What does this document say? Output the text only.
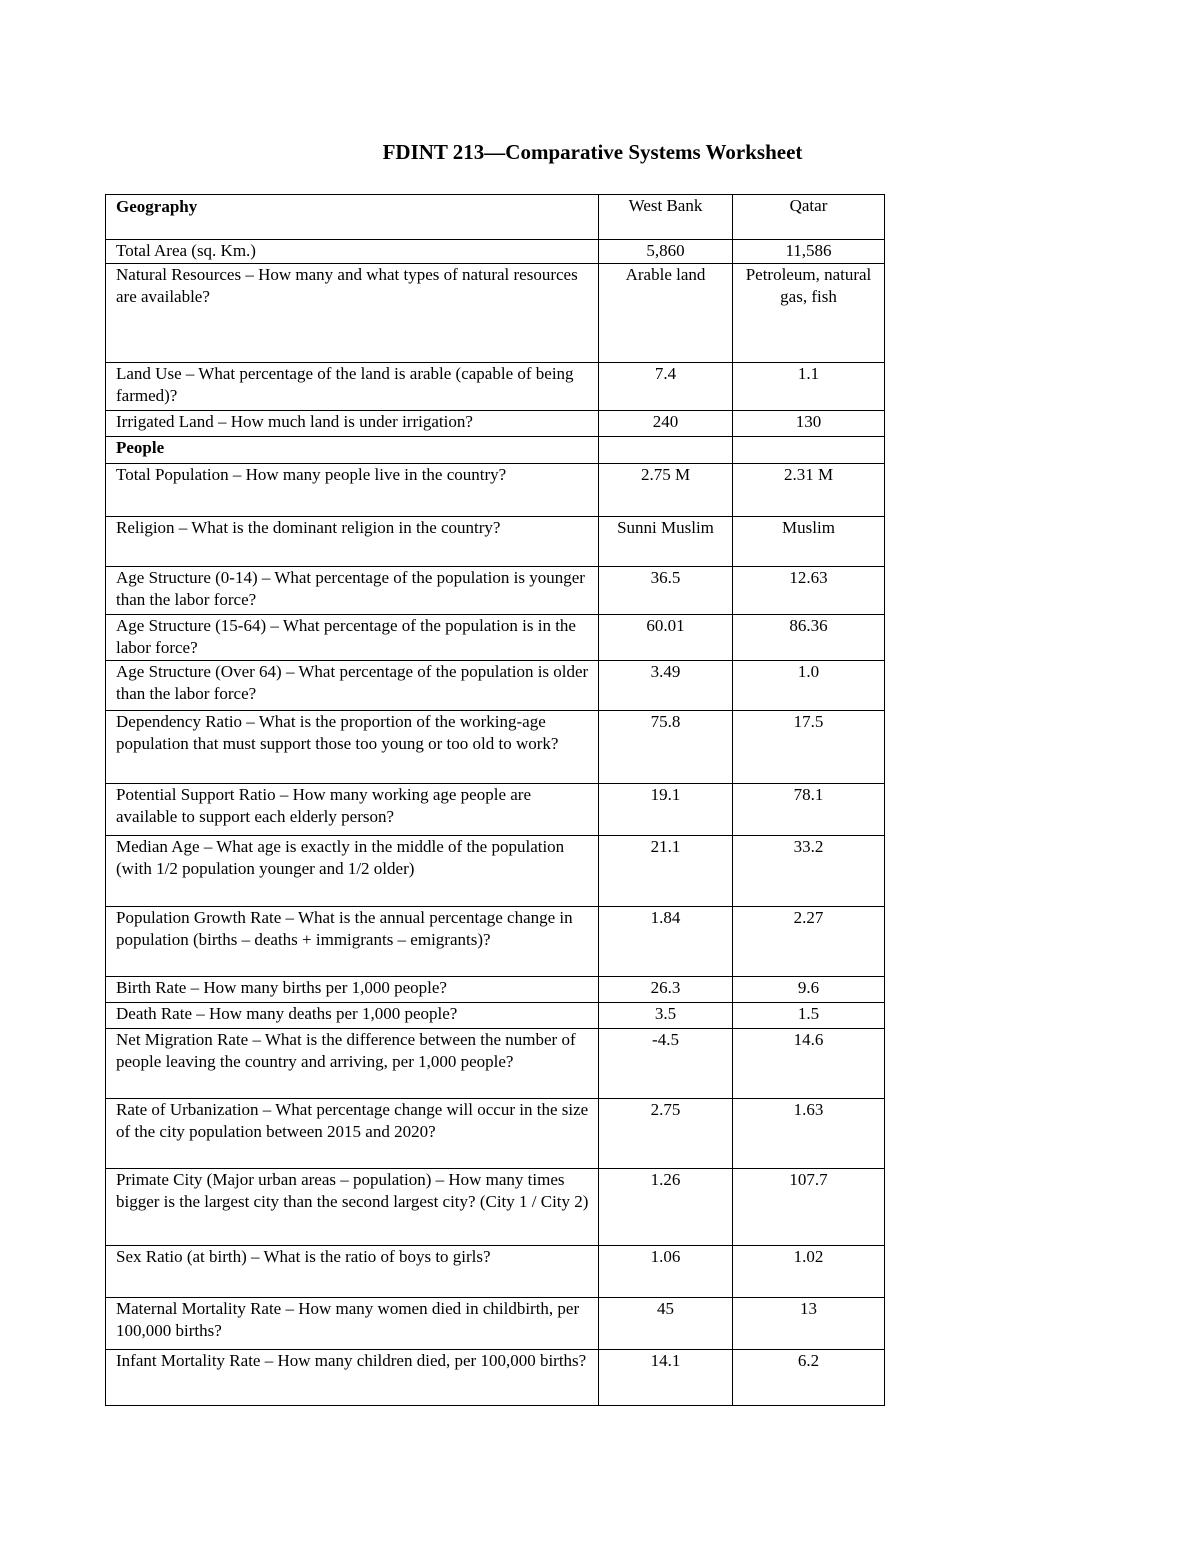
FDINT 213—Comparative Systems Worksheet
Geography	West Bank	Qatar
Total Area (sq. Km.)	5,860	11,586
Natural Resources – How many and what types of natural resources are available?	Arable land	Petroleum, natural gas, fish
Land Use – What percentage of the land is arable (capable of being farmed)?	7.4	1.1
Irrigated Land – How much land is under irrigation?	240	130
People		
Total Population – How many people live in the country?	2.75 M	2.31 M
Religion – What is the dominant religion in the country?	Sunni Muslim	Muslim
Age Structure (0-14) – What percentage of the population is younger than the labor force?	36.5	12.63
Age Structure (15-64) – What percentage of the population is in the labor force?	60.01	86.36
Age Structure (Over 64) – What percentage of the population is older than the labor force?	3.49	1.0
Dependency Ratio – What is the proportion of the working-age population that must support those too young or too old to work?	75.8	17.5
Potential Support Ratio – How many working age people are available to support each elderly person?	19.1	78.1
Median Age – What age is exactly in the middle of the population (with 1/2 population younger and 1/2 older)	21.1	33.2
Population Growth Rate – What is the annual percentage change in population (births – deaths + immigrants – emigrants)?	1.84	2.27
Birth Rate – How many births per 1,000 people?	26.3	9.6
Death Rate – How many deaths per 1,000 people?	3.5	1.5
Net Migration Rate – What is the difference between the number of people leaving the country and arriving, per 1,000 people?	-4.5	14.6
Rate of Urbanization – What percentage change will occur in the size of the city population between 2015 and 2020?	2.75	1.63
Primate City (Major urban areas – population) – How many times bigger is the largest city than the second largest city? (City 1 / City 2)	1.26	107.7
Sex Ratio (at birth) – What is the ratio of boys to girls?	1.06	1.02
Maternal Mortality Rate – How many women died in childbirth, per 100,000 births?	45	13
Infant Mortality Rate – How many children died, per 100,000 births?	14.1	6.2
